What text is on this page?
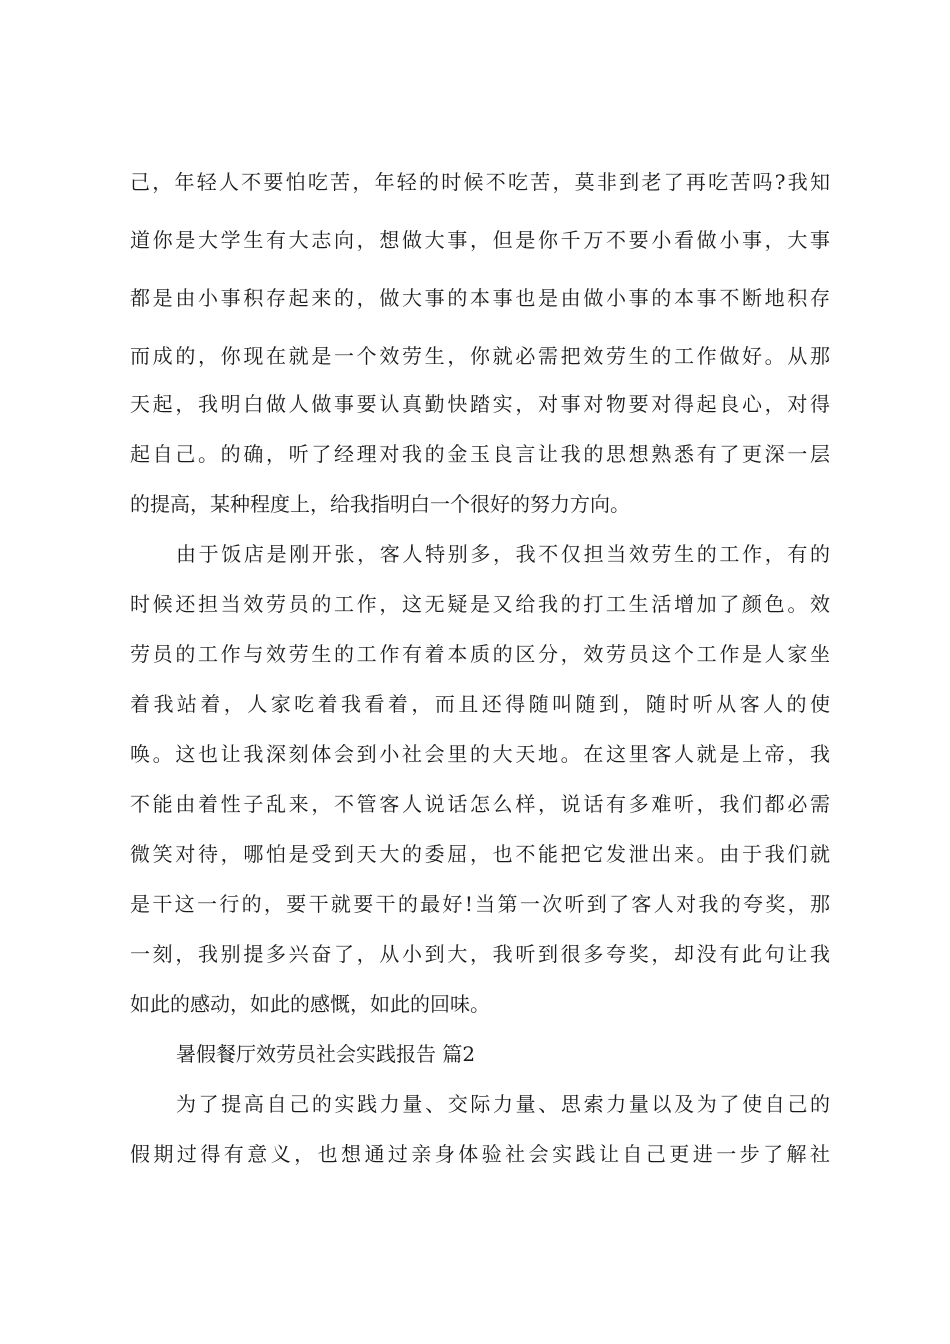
己，年轻人不要怕吃苦，年轻的时候不吃苦，莫非到老了再吃苦吗?我知
道你是大学生有大志向，想做大事，但是你千万不要小看做小事，大事
都是由小事积存起来的，做大事的本事也是由做小事的本事不断地积存
而成的，你现在就是一个效劳生，你就必需把效劳生的工作做好。从那
天起，我明白做人做事要认真勤快踏实，对事对物要对得起良心，对得
起自己。的确，听了经理对我的金玉良言让我的思想熟悉有了更深一层
的提高，某种程度上，给我指明白一个很好的努力方向。
由于饭店是刚开张，客人特别多，我不仅担当效劳生的工作，有的
时候还担当效劳员的工作，这无疑是又给我的打工生活增加了颜色。效
劳员的工作与效劳生的工作有着本质的区分，效劳员这个工作是人家坐
着我站着，人家吃着我看着，而且还得随叫随到，随时听从客人的使
唤。这也让我深刻体会到小社会里的大天地。在这里客人就是上帝，我
不能由着性子乱来，不管客人说话怎么样，说话有多难听，我们都必需
微笑对待，哪怕是受到天大的委屈，也不能把它发泄出来。由于我们就
是干这一行的，要干就要干的最好!当第一次听到了客人对我的夸奖，那
一刻，我别提多兴奋了，从小到大，我听到很多夸奖，却没有此句让我
如此的感动，如此的感慨，如此的回味。
暑假餐厅效劳员社会实践报告 篇2
为了提高自己的实践力量、交际力量、思索力量以及为了使自己的
假期过得有意义，也想通过亲身体验社会实践让自己更进一步了解社
